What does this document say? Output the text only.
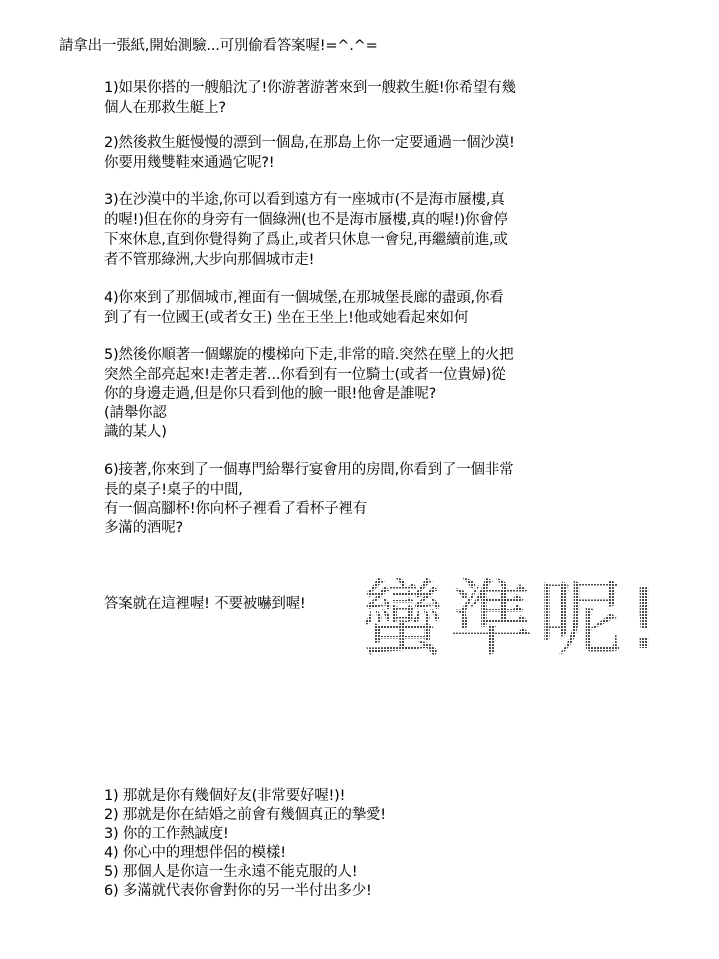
請拿出一張紙,開始測驗...可別偷看答案喔!=^.^=
1)如果你搭的一艘船沈了!你游著游著來到一艘救生艇!你希望有幾
個人在那救生艇上?
2)然後救生艇慢慢的漂到一個島,在那島上你一定要通過一個沙漠!
你要用幾雙鞋來通過它呢?!
3)在沙漠中的半途,你可以看到遠方有一座城市(不是海市蜃樓,真
的喔!)但在你的身旁有一個綠洲(也不是海市蜃樓,真的喔!)你會停
下來休息,直到你覺得夠了爲止,或者只休息一會兒,再繼續前進,或
者不管那綠洲,大步向那個城市走!
4)你來到了那個城市,裡面有一個城堡,在那城堡長廊的盡頭,你看
到了有一位國王(或者女王) 坐在王坐上!他或她看起來如何
5)然後你順著一個螺旋的樓梯向下走,非常的暗.突然在壁上的火把
突然全部亮起來!走著走著...你看到有一位騎士(或者一位貴婦)從
你的身邊走過,但是你只看到他的臉一眼!他會是誰呢?
(請舉你認
識的某人)
6)接著,你來到了一個專門給舉行宴會用的房間,你看到了一個非常
長的桌子!桌子的中間,
有一個高腳杯!你向杯子裡看了看杯子裡有
多滿的酒呢?
答案就在這裡喔! 不要被嚇到喔! 蠻準呢!
1) 那就是你有幾個好友(非常要好喔!)!
2) 那就是你在結婚之前會有幾個真正的摯愛!
3) 你的工作熱誠度!
4) 你心中的理想伴侶的模樣!
5) 那個人是你這一生永遠不能克服的人!
6) 多滿就代表你會對你的另一半付出多少!
